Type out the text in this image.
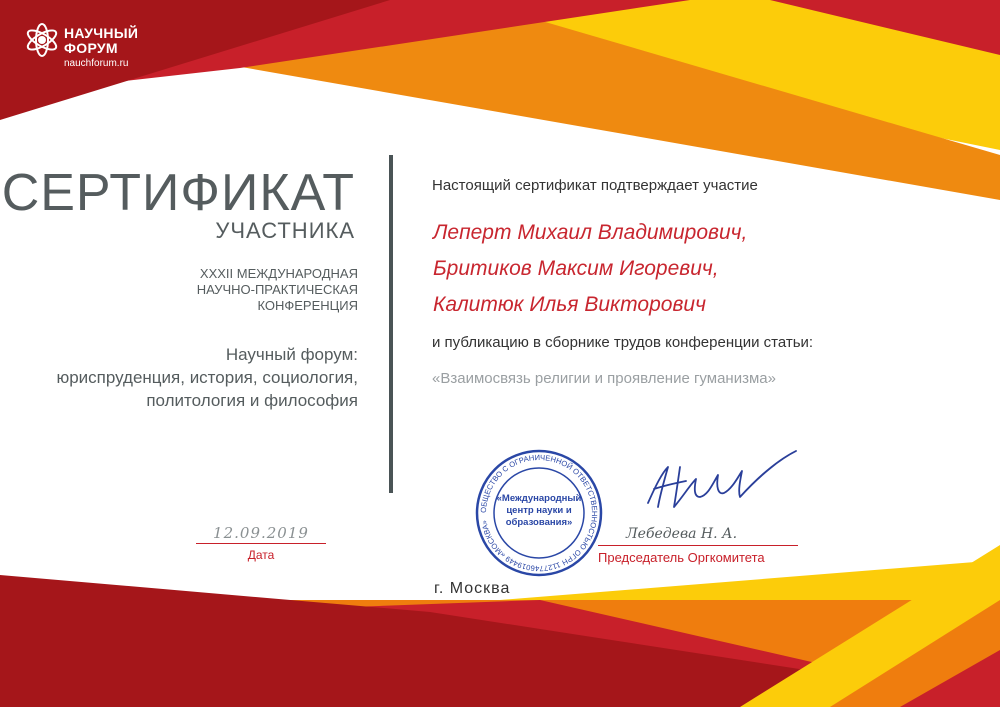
НАУЧНЫЙ
ФОРУМ
nauchforum.ru
СЕРТИФИКАТ
УЧАСТНИКА
XXXII МЕЖДУНАРОДНАЯ
НАУЧНО-ПРАКТИЧЕСКАЯ
КОНФЕРЕНЦИЯ
Научный форум:
юриспруденция, история, социология,
политология и философия
12.09.2019
Дата
Настоящий сертификат подтверждает участие
Леперт Михаил Владимирович,
Бритиков Максим Игоревич,
Калитюк Илья Викторович
и публикацию в сборнике трудов конференции статьи:
«Взаимосвязь религии и проявление гуманизма»
ОБЩЕСТВО С ОГРАНИЧЕННОЙ ОТВЕТСТВЕННОСТЬЮ ОГРН 1127746019449 «МОСКВА»
«Международный
центр науки и
образования»
Лебедева Н. А.
Председатель Оргкомитета
г. Москва
